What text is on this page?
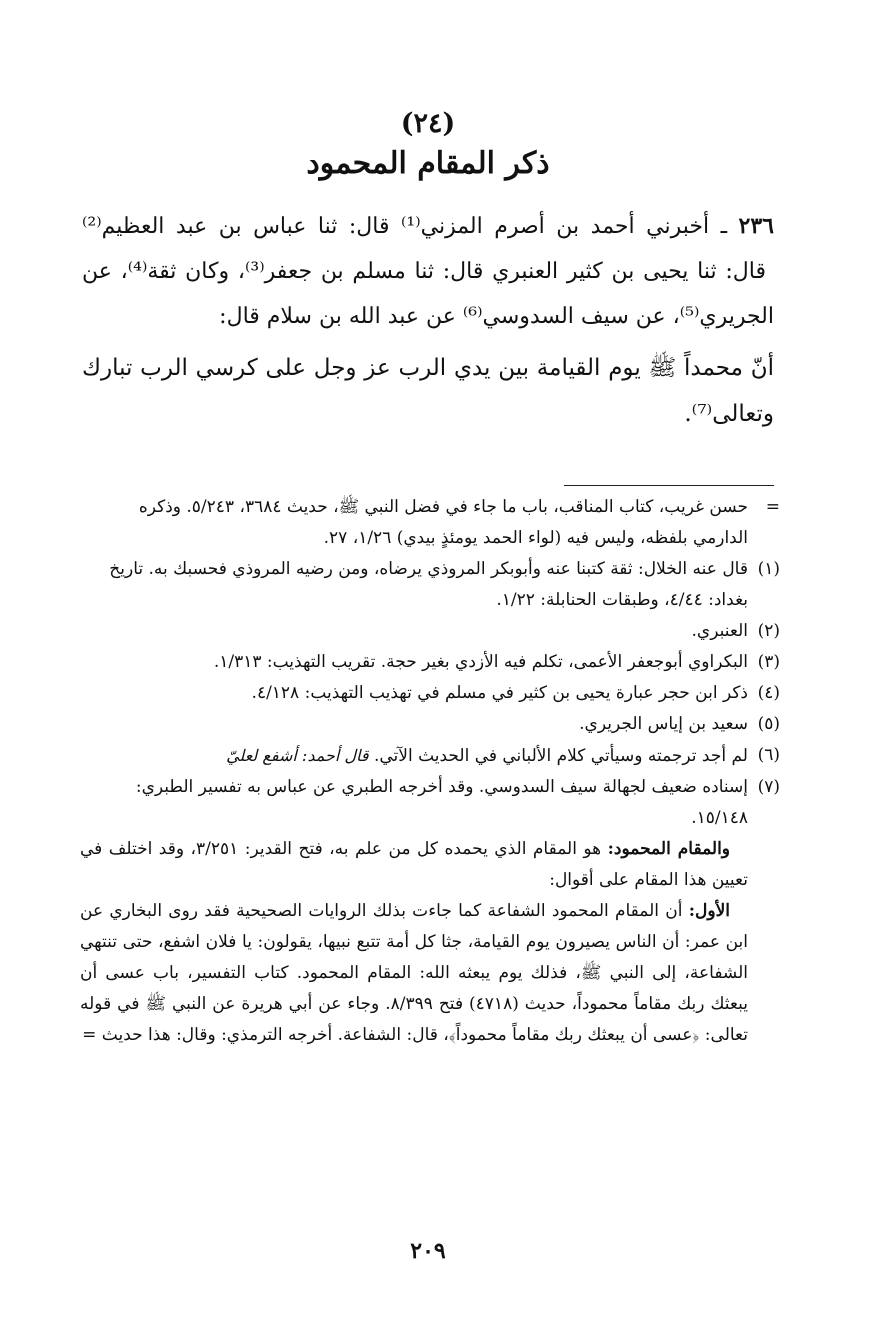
(٢٤)
ذكر المقام المحمود

٢٣٦ ـ أخبرني أحمد بن أصرم المزني⁽¹⁾ قال: ثنا عباس بن عبد العظيم⁽²⁾ قال: ثنا يحيى بن كثير العنبري قال: ثنا مسلم بن جعفر⁽³⁾، وكان ثقة⁽⁴⁾، عن الجريري⁽⁵⁾، عن سيف السدوسي⁽⁶⁾ عن عبد الله بن سلام قال:

أنّ محمداً ﷺ يوم القيامة بين يدي الرب عز وجل على كرسي الرب تبارك وتعالى⁽⁷⁾.

=
حسن غريب، كتاب المناقب، باب ما جاء في فضل النبي ﷺ، حديث ٣٦٨٤، ٥/٢٤٣. وذكره الدارمي بلفظه، وليس فيه (لواء الحمد يومئذٍ بيدي) ١/٢٦، ٢٧.
(١)
قال عنه الخلال: ثقة كتبنا عنه وأبوبكر المروذي يرضاه، ومن رضيه المروذي فحسبك به. تاريخ بغداد: ٤/٤٤، وطبقات الحنابلة: ١/٢٢.
(٢)
العنبري.
(٣)
البكراوي أبوجعفر الأعمى، تكلم فيه الأزدي بغير حجة. تقريب التهذيب: ١/٣١٣.
(٤)
ذكر ابن حجر عبارة يحيى بن كثير في مسلم في تهذيب التهذيب: ٤/١٢٨.
(٥)
سعيد بن إياس الجريري.
(٦)
لم أجد ترجمته وسيأتي كلام الألباني في الحديث الآتي. قال أحمد: أشفع لعليّ
(٧)
إسناده ضعيف لجهالة سيف السدوسي. وقد أخرجه الطبري عن عباس به تفسير الطبري: ١٥/١٤٨.

والمقام المحمود: هو المقام الذي يحمده كل من علم به، فتح القدير: ٣/٢٥١، وقد اختلف في تعيين هذا المقام على أقوال:

الأول: أن المقام المحمود الشفاعة كما جاءت بذلك الروايات الصحيحية فقد روى البخاري عن ابن عمر: أن الناس يصيرون يوم القيامة، جثا كل أمة تتبع نبيها، يقولون: يا فلان اشفع، حتى تنتهي الشفاعة، إلى النبي ﷺ، فذلك يوم يبعثه الله: المقام المحمود. كتاب التفسير، باب عسى أن يبعثك ربك مقاماً محموداً، حديث (٤٧١٨) فتح ٨/٣٩٩. وجاء عن أبي هريرة عن النبي ﷺ في قوله تعالى: ﴿عسى أن يبعثك ربك مقاماً محموداً﴾، قال: الشفاعة. أخرجه الترمذي: وقال: هذا حديث =

٢٠٩
